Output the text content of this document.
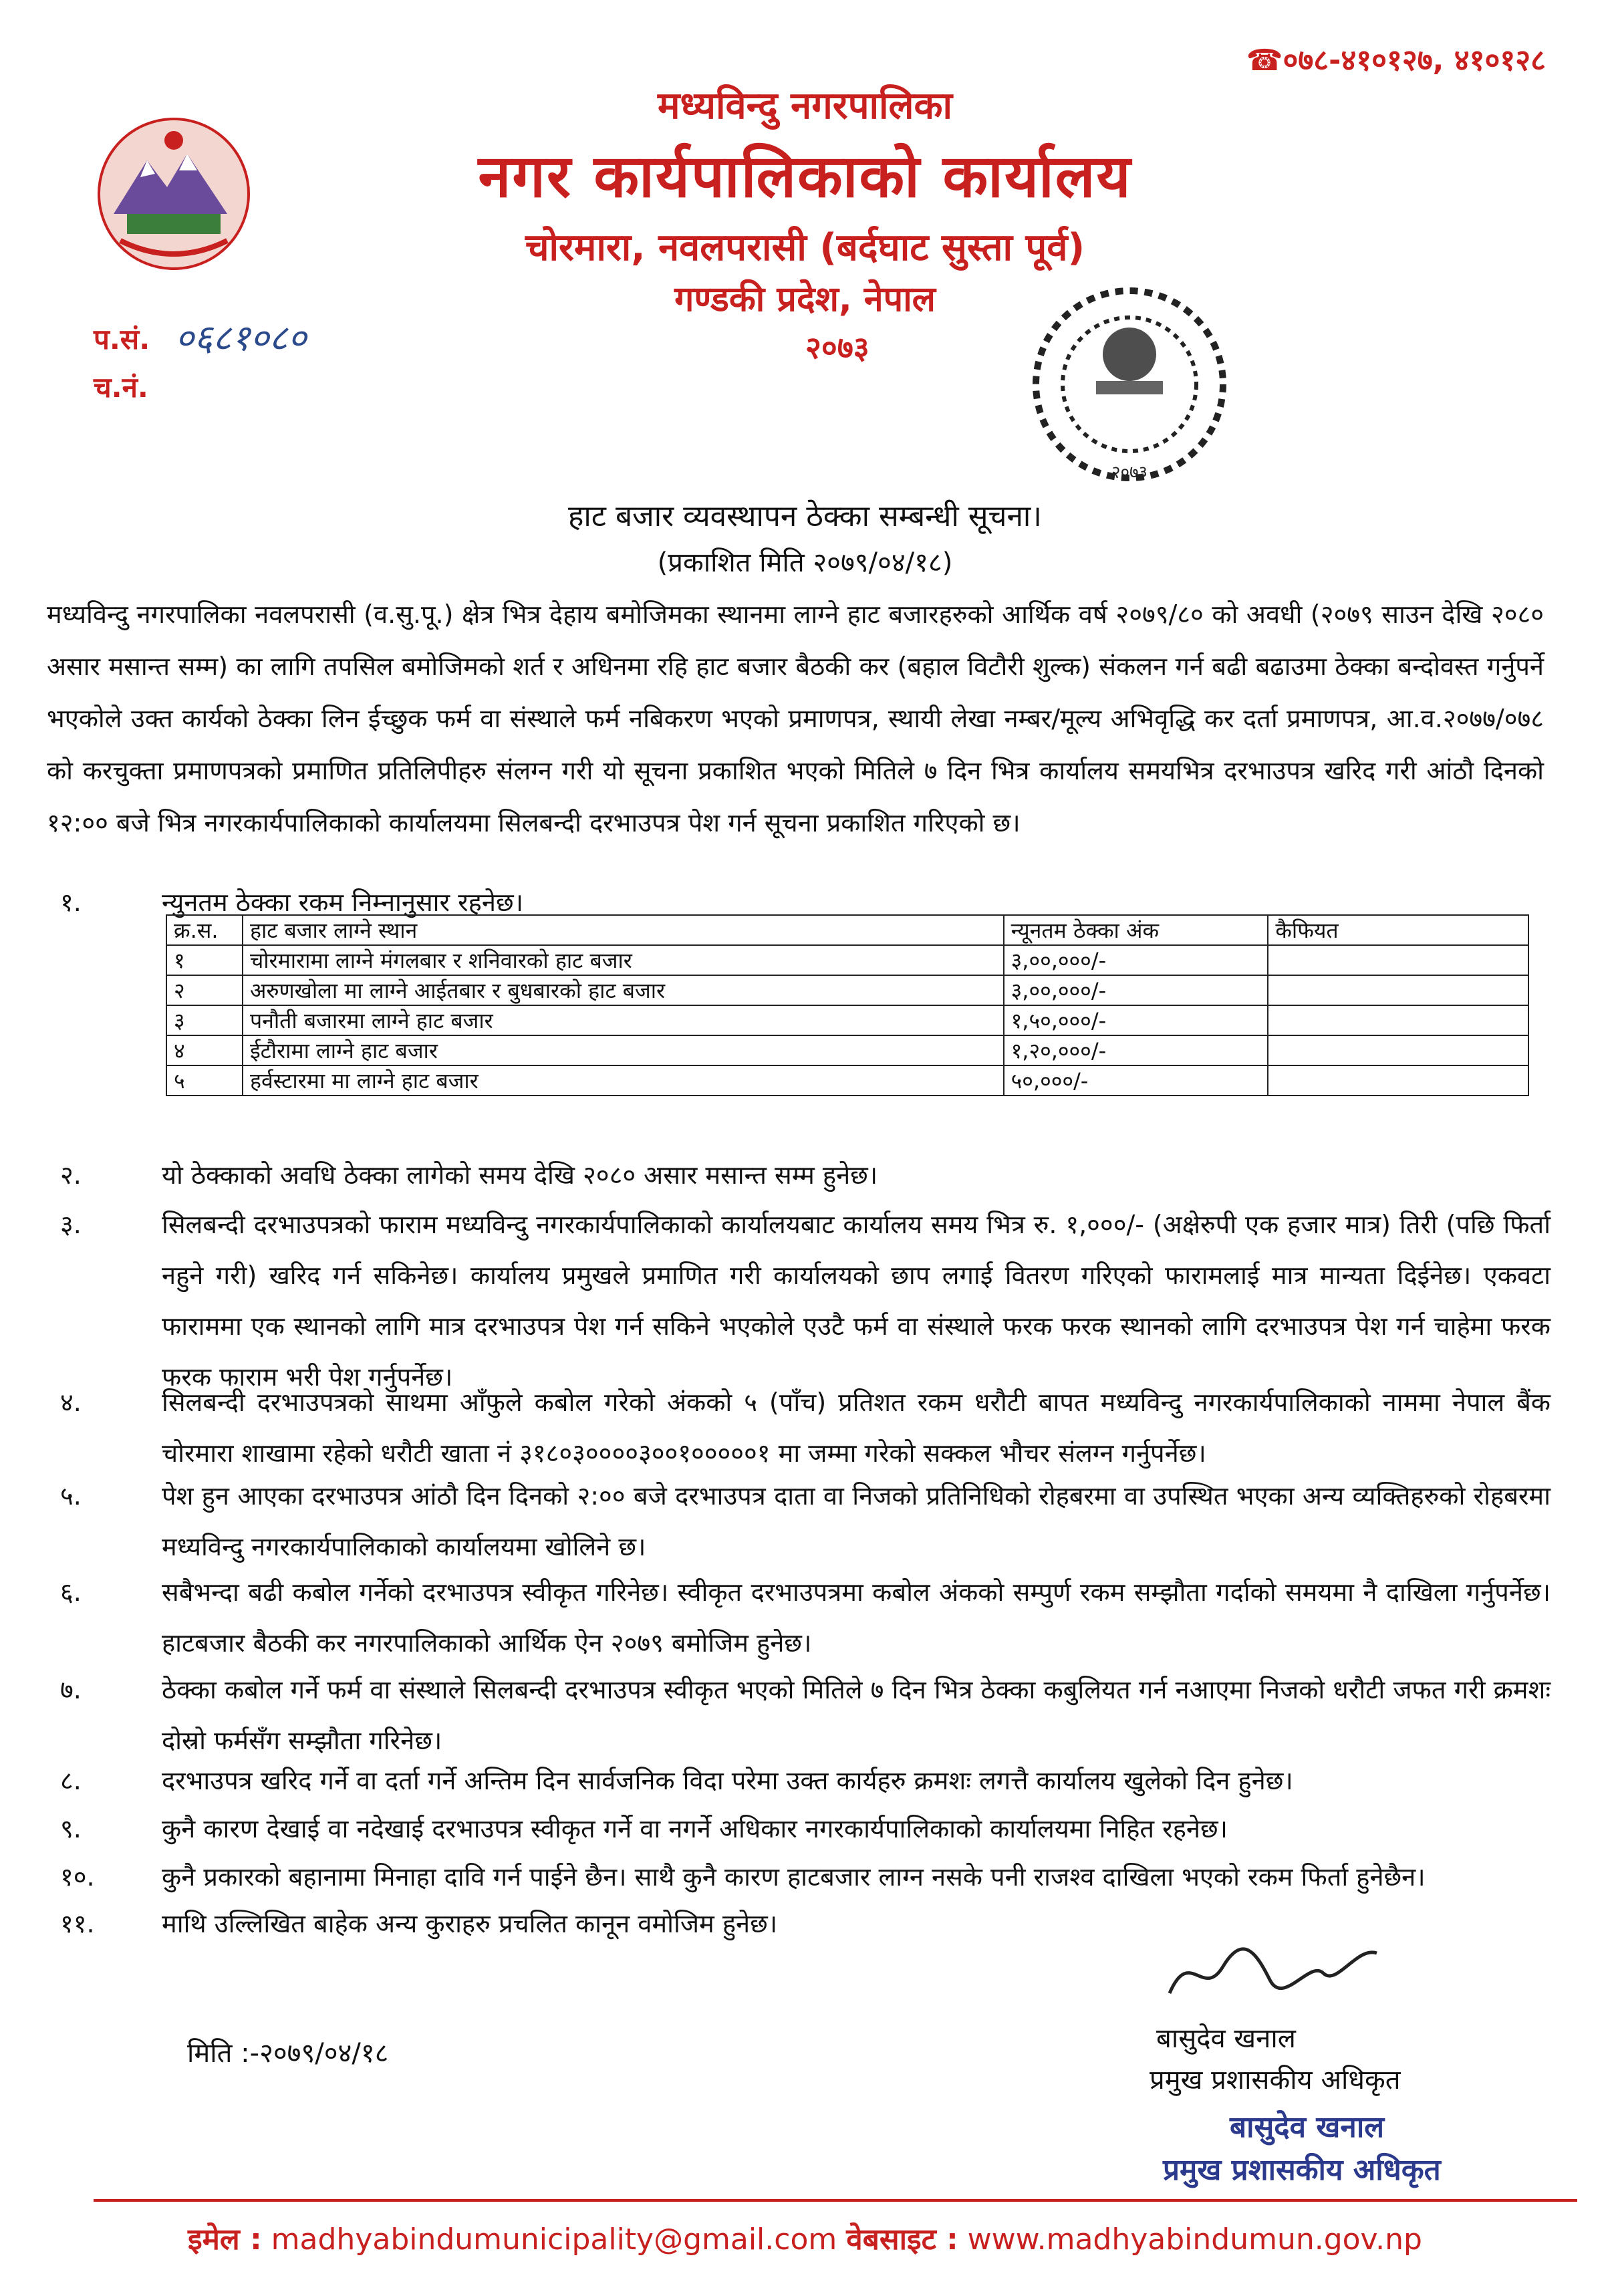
२०७३
☎०७८-४१०१२७, ४१०१२८
मध्यविन्दु नगरपालिका
नगर कार्यपालिकाको कार्यालय
चोरमारा, नवलपरासी (बर्दघाट सुस्ता पूर्व)
गण्डकी प्रदेश, नेपाल
२०७३
प.सं. ०६८१०८०
च.नं.
हाट बजार व्यवस्थापन ठेक्का सम्बन्धी सूचना।
(प्रकाशित मिति २०७९/०४/१८)
मध्यविन्दु नगरपालिका नवलपरासी (व.सु.पू.) क्षेत्र भित्र देहाय बमोजिमका स्थानमा लाग्ने हाट बजारहरुको आर्थिक वर्ष २०७९/८० को अवधी (२०७९ साउन देखि २०८० असार मसान्त सम्म) का लागि तपसिल बमोजिमको शर्त र अधिनमा रहि हाट बजार बैठकी कर (बहाल विटौरी शुल्क) संकलन गर्न बढी बढाउमा ठेक्का बन्दोवस्त गर्नुपर्ने भएकोले उक्त कार्यको ठेक्का लिन ईच्छुक फर्म वा संस्थाले फर्म नबिकरण भएको प्रमाणपत्र, स्थायी लेखा नम्बर/मूल्य अभिवृद्धि कर दर्ता प्रमाणपत्र, आ.व.२०७७/०७८ को करचुक्ता प्रमाणपत्रको प्रमाणित प्रतिलिपीहरु संलग्न गरी यो सूचना प्रकाशित भएको मितिले ७ दिन भित्र कार्यालय समयभित्र दरभाउपत्र खरिद गरी आंठौ दिनको १२:०० बजे भित्र नगरकार्यपालिकाको कार्यालयमा सिलबन्दी दरभाउपत्र पेश गर्न सूचना प्रकाशित गरिएको छ।
१.	न्युनतम ठेक्का रकम निम्नानुसार रहनेछ।
क्र.स.	हाट बजार लाग्ने स्थान	न्यूनतम ठेक्का अंक	कैफियत
१	चोरमारामा लाग्ने मंगलबार र शनिवारको हाट बजार	३,००,०००/-	
२	अरुणखोला मा लाग्ने आईतबार र बुधबारको हाट बजार	३,००,०००/-	
३	पनौती बजारमा लाग्ने हाट बजार	१,५०,०००/-	
४	ईटौरामा लाग्ने हाट बजार	१,२०,०००/-	
५	हर्वस्टारमा मा लाग्ने हाट बजार	५०,०००/-	
२.	यो ठेक्काको अवधि ठेक्का लागेको समय देखि २०८० असार मसान्त सम्म हुनेछ।
३.	सिलबन्दी दरभाउपत्रको फाराम मध्यविन्दु नगरकार्यपालिकाको कार्यालयबाट कार्यालय समय भित्र रु. १,०००/- (अक्षेरुपी एक हजार मात्र) तिरी (पछि फिर्ता नहुने गरी) खरिद गर्न सकिनेछ। कार्यालय प्रमुखले प्रमाणित गरी कार्यालयको छाप लगाई वितरण गरिएको फारामलाई मात्र मान्यता दिईनेछ। एकवटा फाराममा एक स्थानको लागि मात्र दरभाउपत्र पेश गर्न सकिने भएकोले एउटै फर्म वा संस्थाले फरक फरक स्थानको लागि दरभाउपत्र पेश गर्न चाहेमा फरक फरक फाराम भरी पेश गर्नुपर्नेछ।
४.	सिलबन्दी दरभाउपत्रको साथमा आँफुले कबोल गरेको अंकको ५ (पाँच) प्रतिशत रकम धरौटी बापत मध्यविन्दु नगरकार्यपालिकाको नाममा नेपाल बैंक चोरमारा शाखामा रहेको धरौटी खाता नं ३१८०३००००३००१०००००१ मा जम्मा गरेको सक्कल भौचर संलग्न गर्नुपर्नेछ।
५.	पेश हुन आएका दरभाउपत्र आंठौ दिन दिनको २:०० बजे दरभाउपत्र दाता वा निजको प्रतिनिधिको रोहबरमा वा उपस्थित भएका अन्य व्यक्तिहरुको रोहबरमा मध्यविन्दु नगरकार्यपालिकाको कार्यालयमा खोलिने छ।
६.	सबैभन्दा बढी कबोल गर्नेको दरभाउपत्र स्वीकृत गरिनेछ। स्वीकृत दरभाउपत्रमा कबोल अंकको सम्पुर्ण रकम सम्झौता गर्दाको समयमा नै दाखिला गर्नुपर्नेछ। हाटबजार बैठकी कर नगरपालिकाको आर्थिक ऐन २०७९ बमोजिम हुनेछ।
७.	ठेक्का कबोल गर्ने फर्म वा संस्थाले सिलबन्दी दरभाउपत्र स्वीकृत भएको मितिले ७ दिन भित्र ठेक्का कबुलियत गर्न नआएमा निजको धरौटी जफत गरी क्रमशः दोस्रो फर्मसँग सम्झौता गरिनेछ।
८.	दरभाउपत्र खरिद गर्ने वा दर्ता गर्ने अन्तिम दिन सार्वजनिक विदा परेमा उक्त कार्यहरु क्रमशः लगत्तै कार्यालय खुलेको दिन हुनेछ।
९.	कुनै कारण देखाई वा नदेखाई दरभाउपत्र स्वीकृत गर्ने वा नगर्ने अधिकार नगरकार्यपालिकाको कार्यालयमा निहित रहनेछ।
१०.	कुनै प्रकारको बहानामा मिनाहा दावि गर्न पाईने छैन। साथै कुनै कारण हाटबजार लाग्न नसके पनी राजश्व दाखिला भएको रकम फिर्ता हुनेछैन।
११.	माथि उल्लिखित बाहेक अन्य कुराहरु प्रचलित कानून वमोजिम हुनेछ।
मिति :-२०७९/०४/१८	बासुदेव खनाल
प्रमुख प्रशासकीय अधिकृत
बासुदेव खनाल
प्रमुख प्रशासकीय अधिकृत
इमेल : madhyabindumunicipality@gmail.com वेबसाइट : www.madhyabindumun.gov.np
